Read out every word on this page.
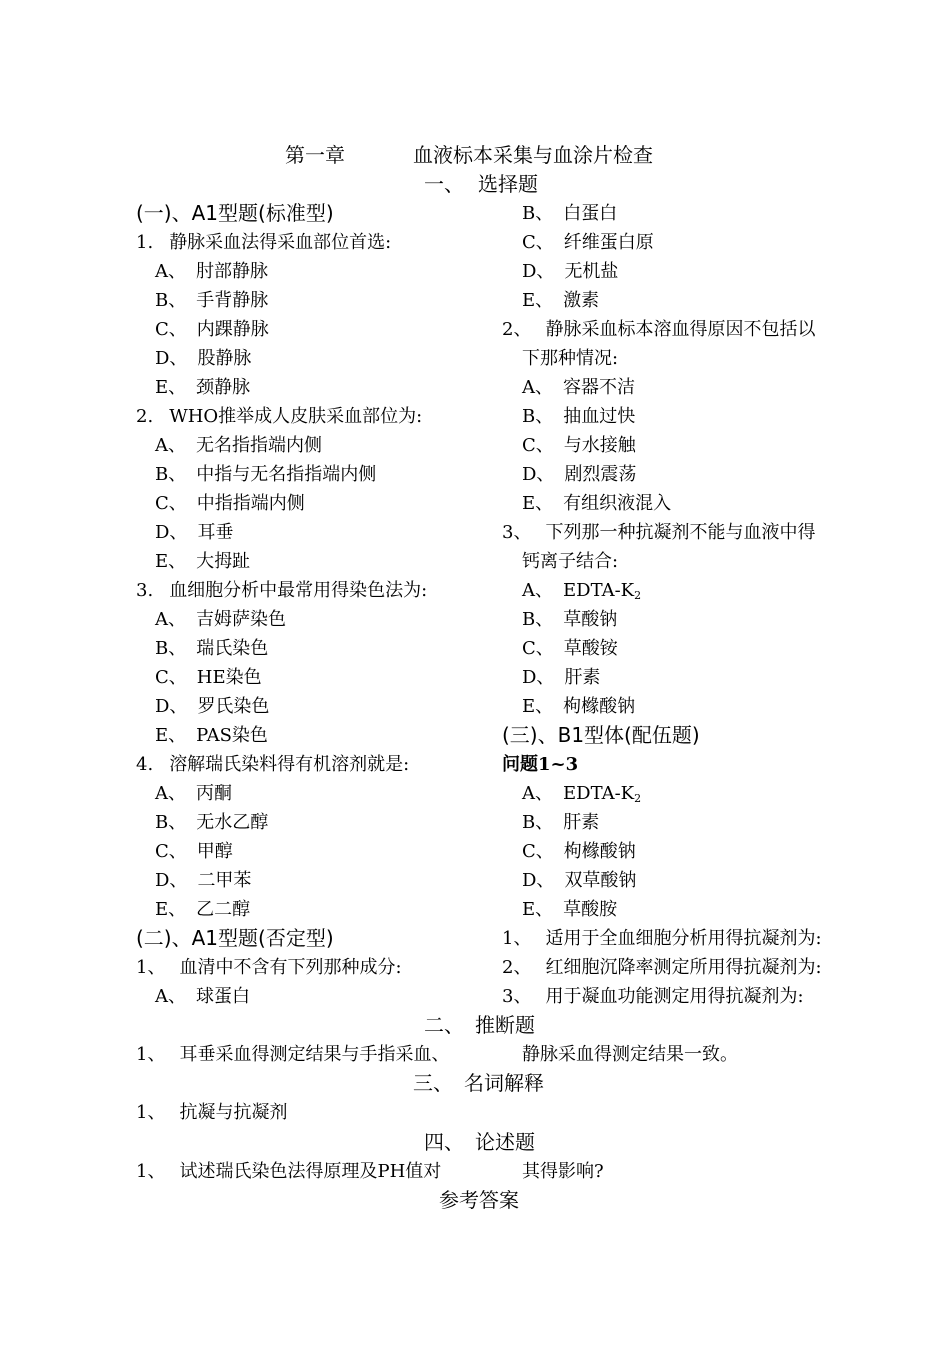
第一章	血液标本采集与血涂片检查
一、 选择题
(一)、A1型题(标准型)
1. 静脉采血法得采血部位首选:
A、 肘部静脉
B、 手背静脉
C、 内踝静脉
D、 股静脉
E、 颈静脉
2. WHO推举成人皮肤采血部位为:
A、 无名指指端内侧
B、 中指与无名指指端内侧
C、 中指指端内侧
D、 耳垂
E、 大拇趾
3. 血细胞分析中最常用得染色法为:
A、 吉姆萨染色
B、 瑞氏染色
C、 HE染色
D、 罗氏染色
E、 PAS染色
4. 溶解瑞氏染料得有机溶剂就是:
A、 丙酮
B、 无水乙醇
C、 甲醇
D、 二甲苯
E、 乙二醇
(二)、A1型题(否定型)
1、 血清中不含有下列那种成分:
A、 球蛋白
B、 白蛋白
C、 纤维蛋白原
D、 无机盐
E、 激素
2、 静脉采血标本溶血得原因不包括以
下那种情况:
A、 容器不洁
B、 抽血过快
C、 与水接触
D、 剧烈震荡
E、 有组织液混入
3、 下列那一种抗凝剂不能与血液中得
钙离子结合:
A、 EDTA-$K_2$
B、 草酸钠
C、 草酸铵
D、 肝素
E、 枸橼酸钠
(三)、B1型体(配伍题)
问题1~3
A、 EDTA-$K_2$
B、 肝素
C、 枸橼酸钠
D、 双草酸钠
E、 草酸胺
1、 适用于全血细胞分析用得抗凝剂为:
2、 红细胞沉降率测定所用得抗凝剂为:
3、 用于凝血功能测定用得抗凝剂为:
二、 推断题
1、 耳垂采血得测定结果与手指采血、	静脉采血得测定结果一致。
三、 名词解释
1、 抗凝与抗凝剂
四、 论述题
1、 试述瑞氏染色法得原理及PH值对	其得影响?
参考答案
